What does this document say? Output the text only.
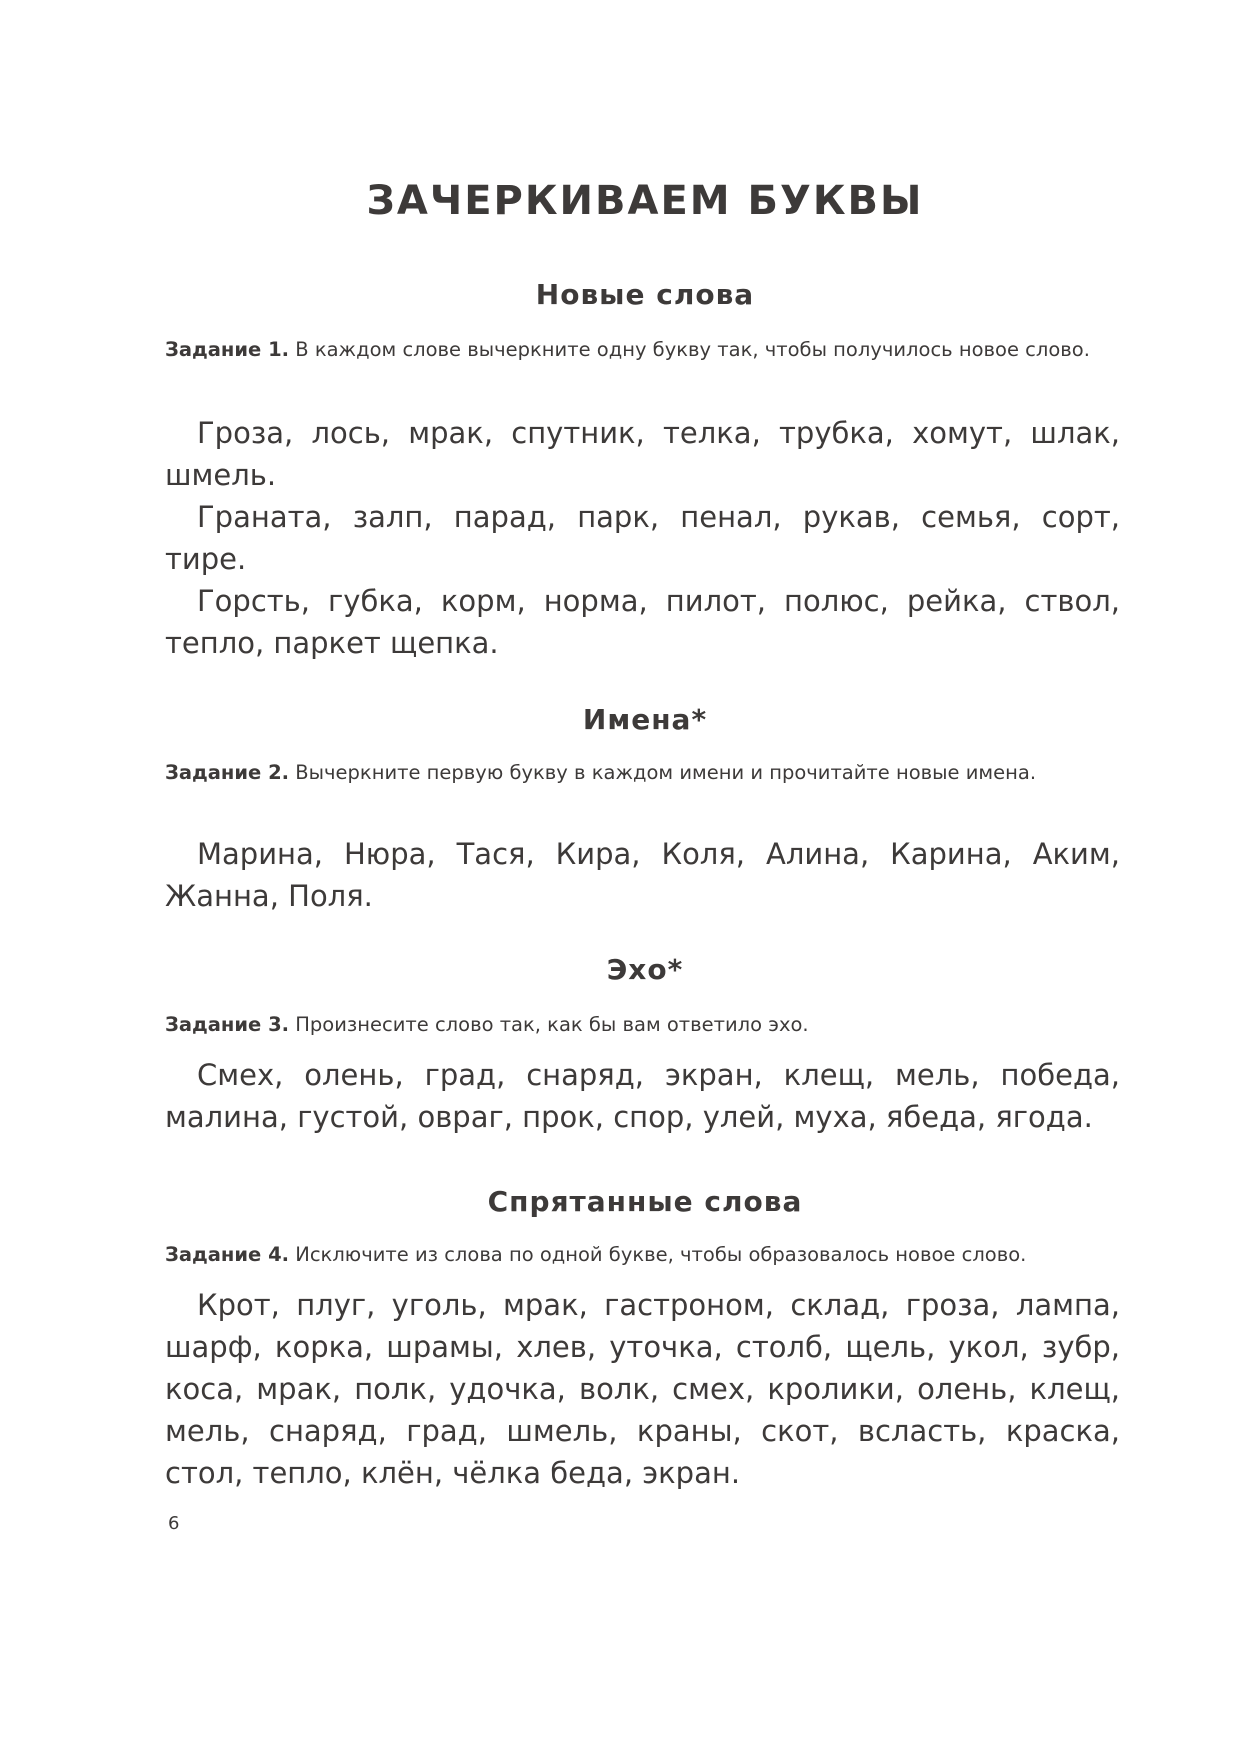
ЗАЧЕРКИВАЕМ БУКВЫ
Новые слова

Задание 1. В каждом слове вычеркните одну букву так, чтобы получилось новое слово.

Гроза, лось, мрак, спутник, телка, трубка, хомут, шлак, шмель.

Граната, залп, парад, парк, пенал, рукав, семья, сорт, тире.

Горсть, губка, корм, норма, пилот, полюс, рейка, ствол, тепло, паркет щепка.

Имена*

Задание 2. Вычеркните первую букву в каждом имени и прочитайте новые имена.

Марина, Нюра, Тася, Кира, Коля, Алина, Карина, Аким, Жанна, Поля.

Эхо*

Задание 3. Произнесите слово так, как бы вам ответило эхо.

Смех, олень, град, снаряд, экран, клещ, мель, победа, малина, густой, овраг, прок, спор, улей, муха, ябеда, ягода.

Спрятанные слова

Задание 4. Исключите из слова по одной букве, чтобы образовалось новое слово.

Крот, плуг, уголь, мрак, гастроном, склад, гроза, лампа, шарф, корка, шрамы, хлев, уточка, столб, щель, укол, зубр, коса, мрак, полк, удочка, волк, смех, кролики, олень, клещ, мель, снаряд, град, шмель, краны, скот, всласть, краска, стол, тепло, клён, чёлка беда, экран.

6
